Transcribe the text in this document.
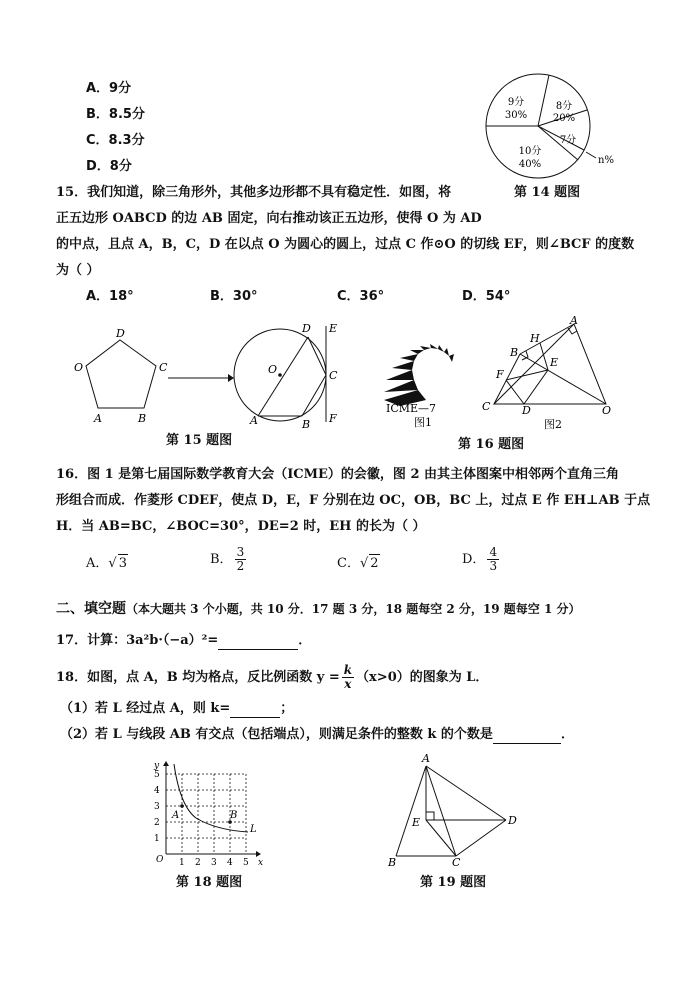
A．9分
B．8.5分
C．8.3分
D．8分
9分
30%
8分
20%
7分
10分
40%	n%
第 14 题图
15．我们知道，除三角形外，其他多边形都不具有稳定性．如图，将
正五边形 OABCD 的边 AB 固定，向右推动该正五边形，使得 O 为 AD
的中点，且点 A，B，C，D 在以点 O 为圆心的圆上，过点 C 作⊙O 的切线 EF，则∠BCF 的度数
为（ ）
A．18°	B．30°	C．36°	D．54°
D
O	C
A	B
O
D E
C
F
A	B
第 15 题图
ICME—7
图1
A
H
B
E
F
C	D	O
图2
第 16 题图
16．图 1 是第七届国际数学教育大会（ICME）的会徽，图 2 由其主体图案中相邻两个直角三角
形组合而成．作菱形 CDEF，使点 D，E，F 分别在边 OC，OB，BC 上，过点 E 作 EH⊥AB 于点
H．当 AB=BC，∠BOC=30°，DE=2 时，EH 的长为（ ）
A．√ 3	B． $\frac{3}{2}$	C．√ 2	D． $\frac{4}{3}$
二、填空题（本大题共 3 个小题，共 10 分．17 题 3 分，18 题每空 2 分，19 题每空 1 分）
17．计算：3a²b·（−a）²=	．
18．如图，点 A，B 均为格点，反比例函数 $y = \frac{k}{x} (x>0)$的图象为 L．
（1）若 L 经过点 A，则 k=	；
（2）若 L 与线段 AB 有交点（包括端点），则满足条件的整数 k 的个数是	．
A	B
L
y
x
O 1 2 3 4 5
1
2
3
4
5
第 18 题图
A
E	D
B	C
第 19 题图
